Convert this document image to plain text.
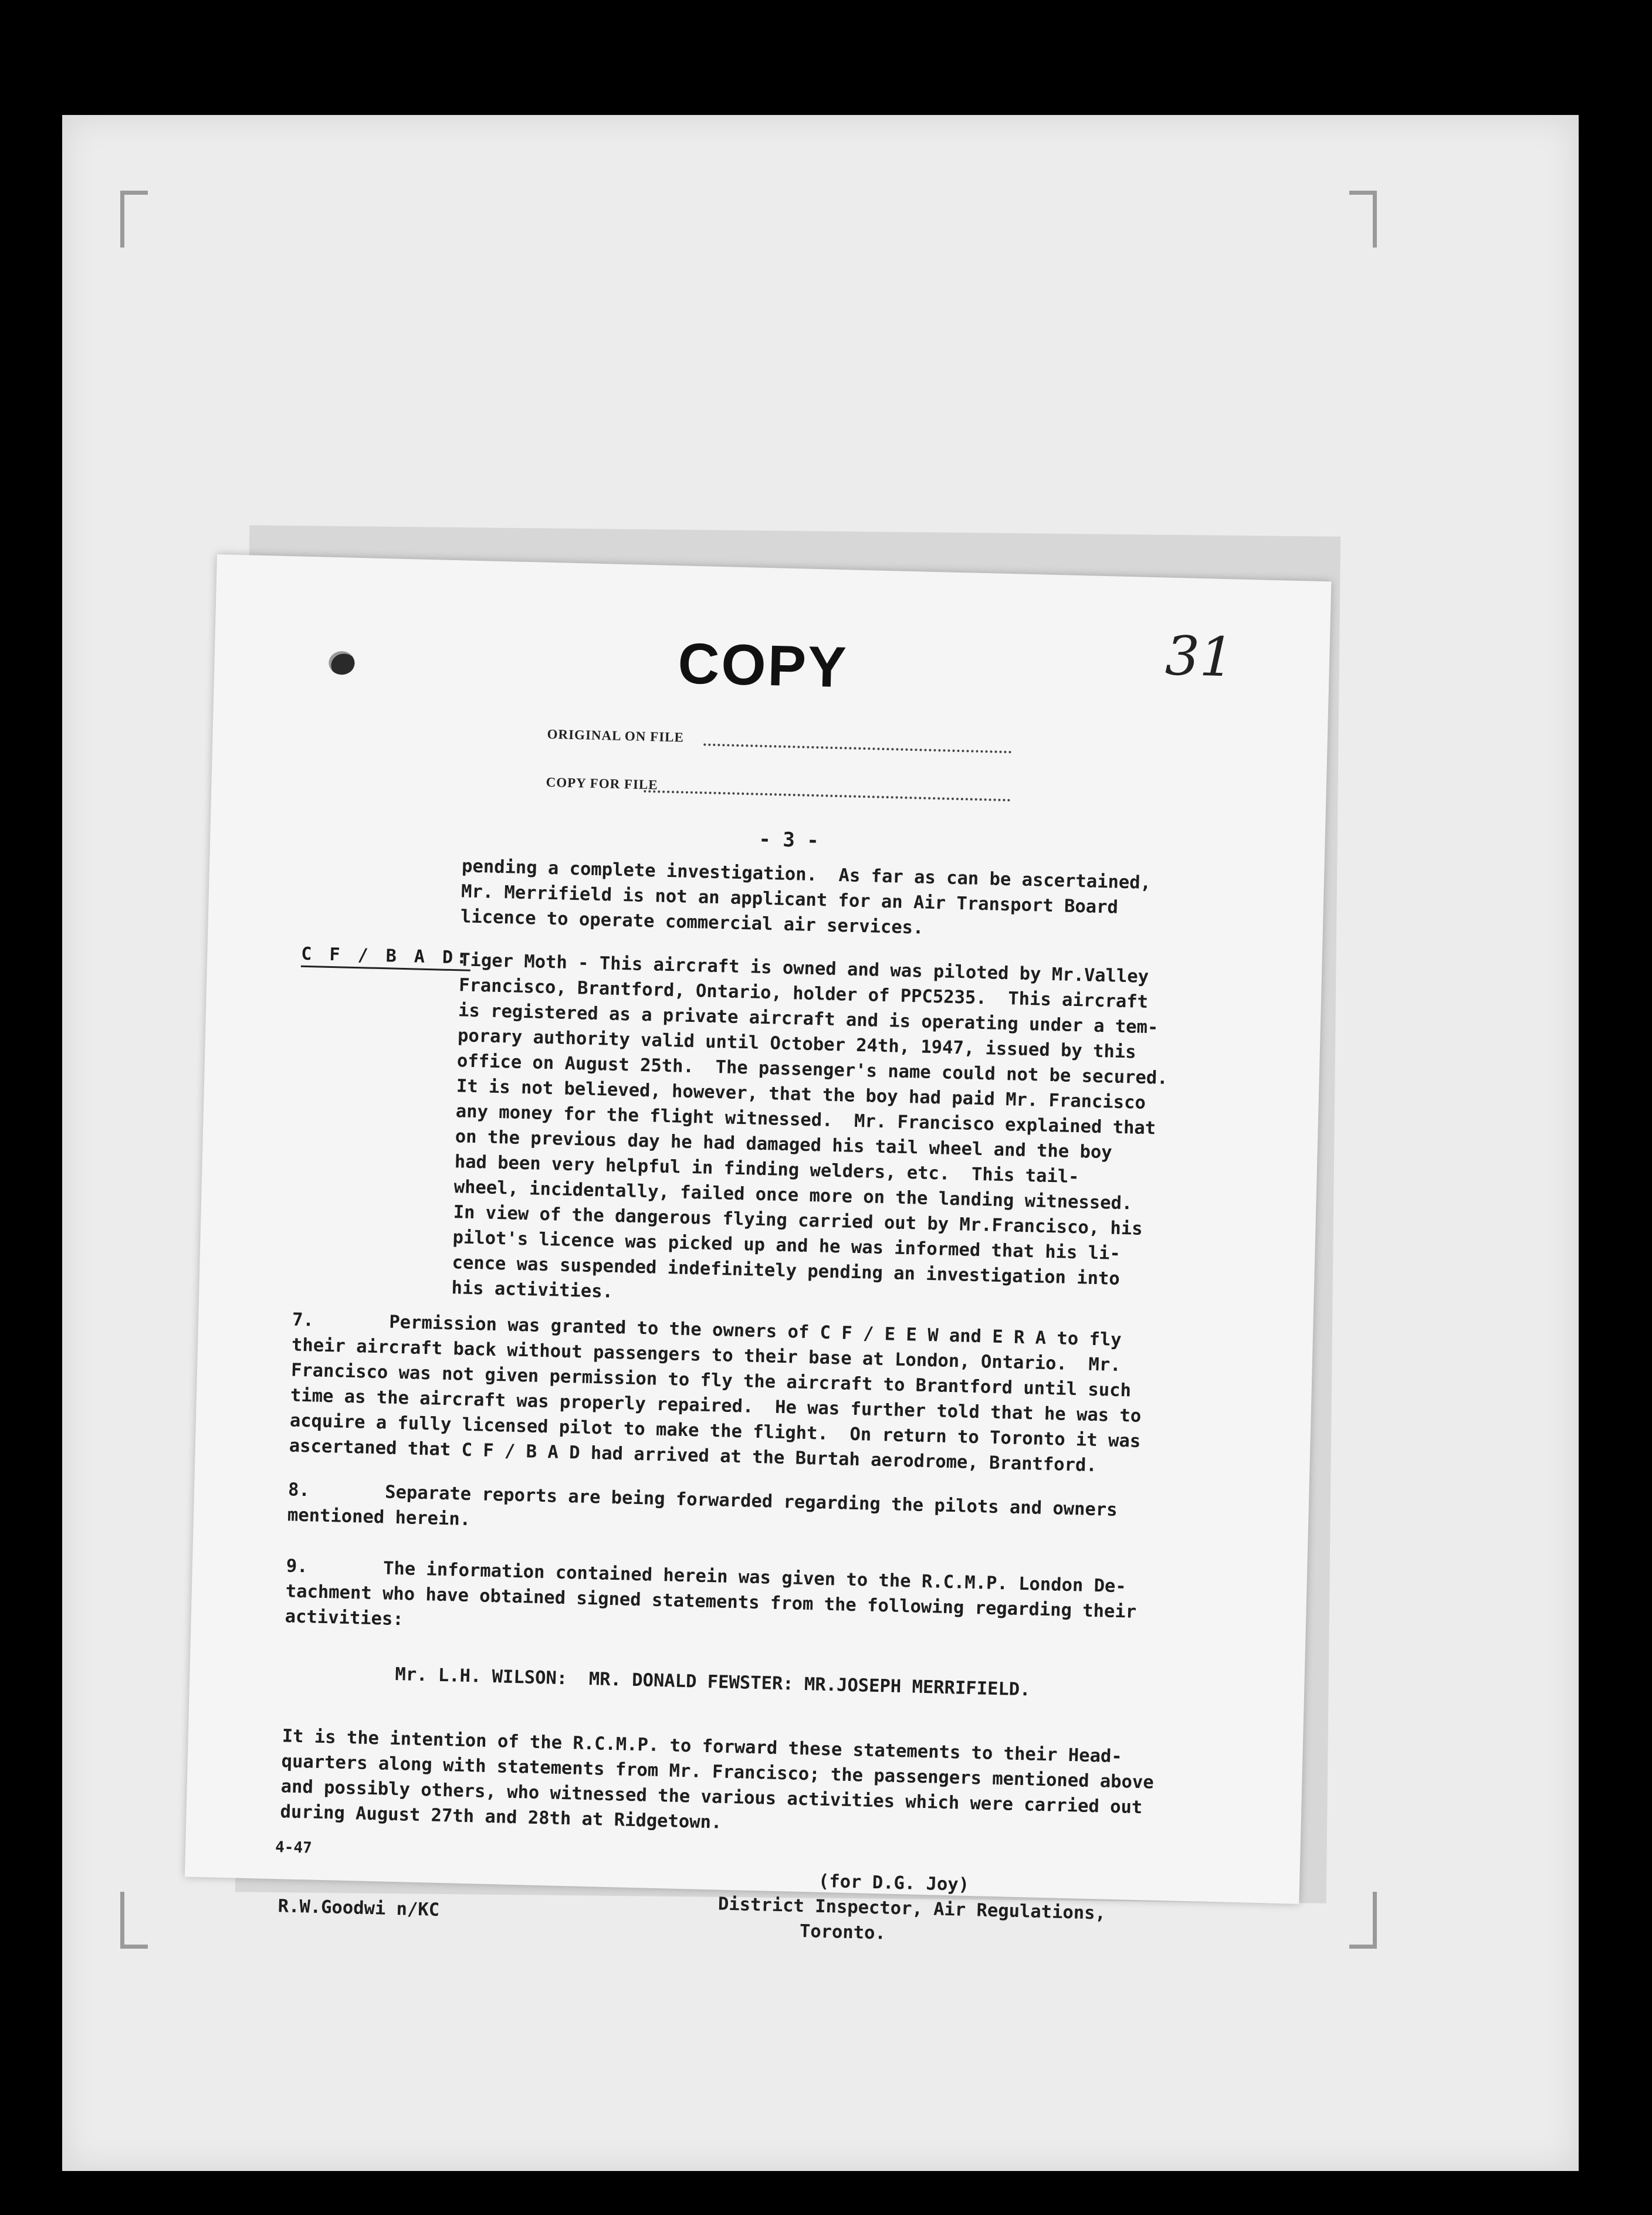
COPY	31
ORIGINAL ON FILE
COPY FOR FILE
- 3 -
pending a complete investigation.  As far as can be ascertained,
Mr. Merrifield is not an applicant for an Air Transport Board
licence to operate commercial air services.
C F / B A D:
Tiger Moth - This aircraft is owned and was piloted by Mr.Valley
Francisco, Brantford, Ontario, holder of PPC5235.  This aircraft
is registered as a private aircraft and is operating under a tem-
porary authority valid until October 24th, 1947, issued by this
office on August 25th.  The passenger's name could not be secured.
It is not believed, however, that the boy had paid Mr. Francisco
any money for the flight witnessed.  Mr. Francisco explained that
on the previous day he had damaged his tail wheel and the boy
had been very helpful in finding welders, etc.  This tail-
wheel, incidentally, failed once more on the landing witnessed.
In view of the dangerous flying carried out by Mr.Francisco, his
pilot's licence was picked up and he was informed that his li-
cence was suspended indefinitely pending an investigation into
his activities.
7.       Permission was granted to the owners of C F / E E W and E R A to fly
their aircraft back without passengers to their base at London, Ontario.  Mr.
Francisco was not given permission to fly the aircraft to Brantford until such
time as the aircraft was properly repaired.  He was further told that he was to
acquire a fully licensed pilot to make the flight.  On return to Toronto it was
ascertaned that C F / B A D had arrived at the Burtah aerodrome, Brantford.
8.       Separate reports are being forwarded regarding the pilots and owners
mentioned herein.
9.       The information contained herein was given to the R.C.M.P. London De-
tachment who have obtained signed statements from the following regarding their
activities:
Mr. L.H. WILSON:  MR. DONALD FEWSTER: MR.JOSEPH MERRIFIELD.
It is the intention of the R.C.M.P. to forward these statements to their Head-
quarters along with statements from Mr. Francisco; the passengers mentioned above
and possibly others, who witnessed the various activities which were carried out
during August 27th and 28th at Ridgetown.
4-47
(for D.G. Joy)
District Inspector, Air Regulations,
Toronto.
R.W.Goodwi n/KC
